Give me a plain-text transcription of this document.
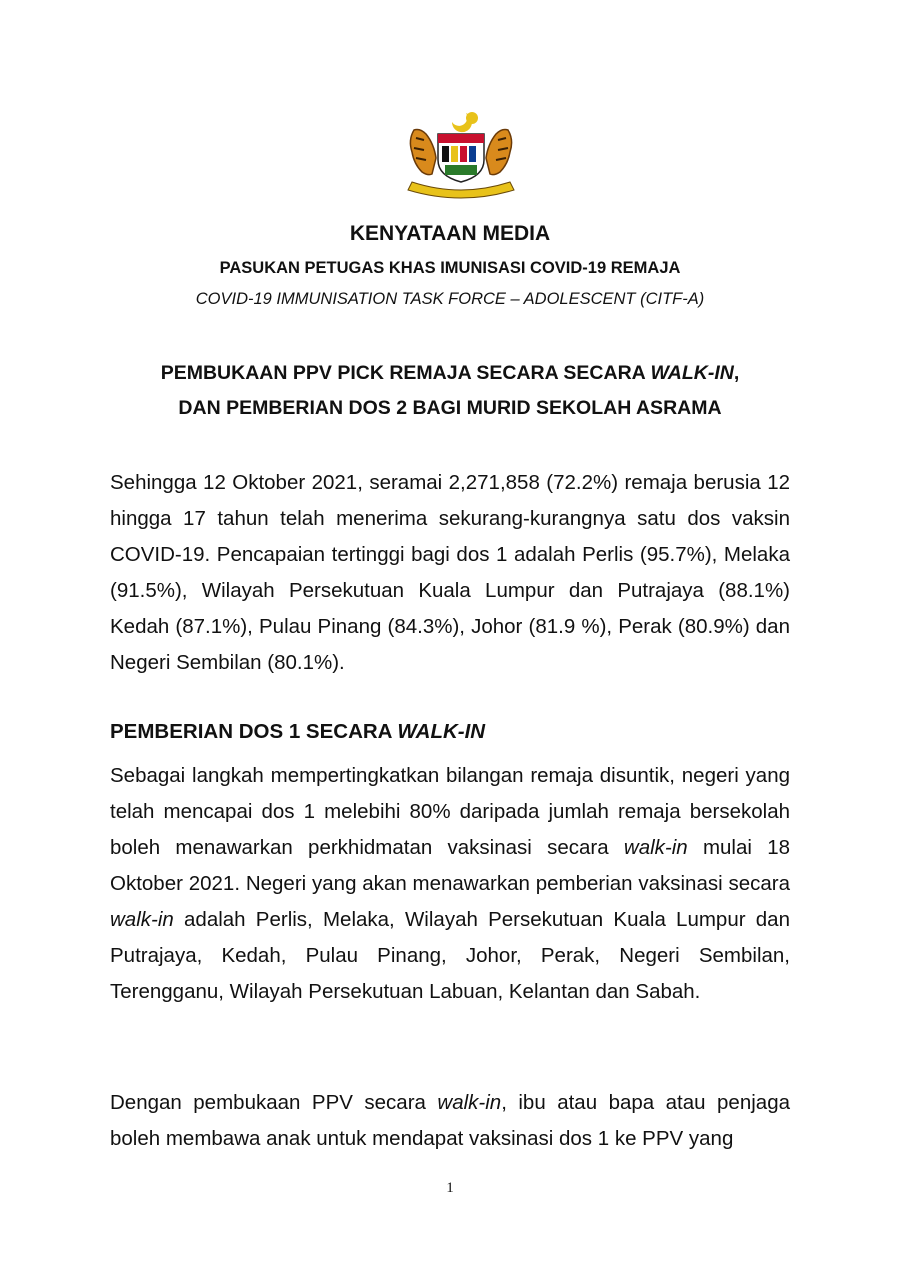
KENYATAAN MEDIA
PASUKAN PETUGAS KHAS IMUNISASI COVID-19 REMAJA
COVID-19 IMMUNISATION TASK FORCE – ADOLESCENT (CITF-A)
PEMBUKAAN PPV PICK REMAJA SECARA SECARA WALK-IN,
DAN PEMBERIAN DOS 2 BAGI MURID SEKOLAH ASRAMA
Sehingga 12 Oktober 2021, seramai 2,271,858 (72.2%) remaja berusia 12 hingga 17 tahun telah menerima sekurang-kurangnya satu dos vaksin COVID-19. Pencapaian tertinggi bagi dos 1 adalah Perlis (95.7%), Melaka (91.5%), Wilayah Persekutuan Kuala Lumpur dan Putrajaya (88.1%) Kedah (87.1%), Pulau Pinang (84.3%), Johor (81.9 %), Perak (80.9%) dan Negeri Sembilan (80.1%).
PEMBERIAN DOS 1 SECARA WALK-IN
Sebagai langkah mempertingkatkan bilangan remaja disuntik, negeri yang telah mencapai dos 1 melebihi 80% daripada jumlah remaja bersekolah boleh menawarkan perkhidmatan vaksinasi secara walk-in mulai 18 Oktober 2021. Negeri yang akan menawarkan pemberian vaksinasi secara walk-in adalah Perlis, Melaka, Wilayah Persekutuan Kuala Lumpur dan Putrajaya, Kedah, Pulau Pinang, Johor, Perak, Negeri Sembilan, Terengganu, Wilayah Persekutuan Labuan, Kelantan dan Sabah.
Dengan pembukaan PPV secara walk-in, ibu atau bapa atau penjaga boleh membawa anak untuk mendapat vaksinasi dos 1 ke PPV yang
1
